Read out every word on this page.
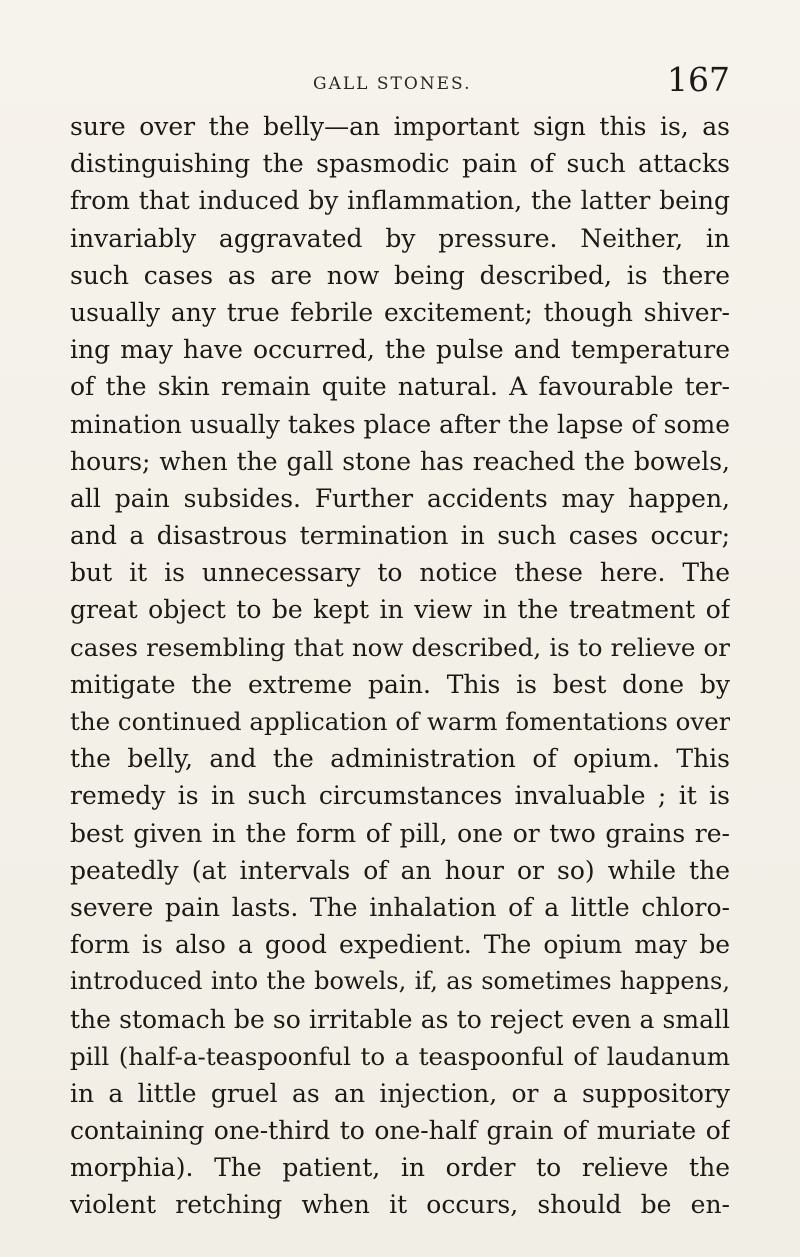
GALL STONES.	167
sure over the belly—an important sign this is, as
distinguishing the spasmodic pain of such attacks
from that induced by inflammation, the latter being
invariably aggravated by pressure. Neither, in
such cases as are now being described, is there
usually any true febrile excitement; though shiver-
ing may have occurred, the pulse and temperature
of the skin remain quite natural. A favourable ter-
mination usually takes place after the lapse of some
hours; when the gall stone has reached the bowels,
all pain subsides. Further accidents may happen,
and a disastrous termination in such cases occur;
but it is unnecessary to notice these here. The
great object to be kept in view in the treatment of
cases resembling that now described, is to relieve or
mitigate the extreme pain. This is best done by
the continued application of warm fomentations over
the belly, and the administration of opium. This
remedy is in such circumstances invaluable ; it is
best given in the form of pill, one or two grains re-
peatedly (at intervals of an hour or so) while the
severe pain lasts. The inhalation of a little chloro-
form is also a good expedient. The opium may be
introduced into the bowels, if, as sometimes happens,
the stomach be so irritable as to reject even a small
pill (half-a-teaspoonful to a teaspoonful of laudanum
in a little gruel as an injection, or a suppository
containing one-third to one-half grain of muriate of
morphia). The patient, in order to relieve the
violent retching when it occurs, should be en-
